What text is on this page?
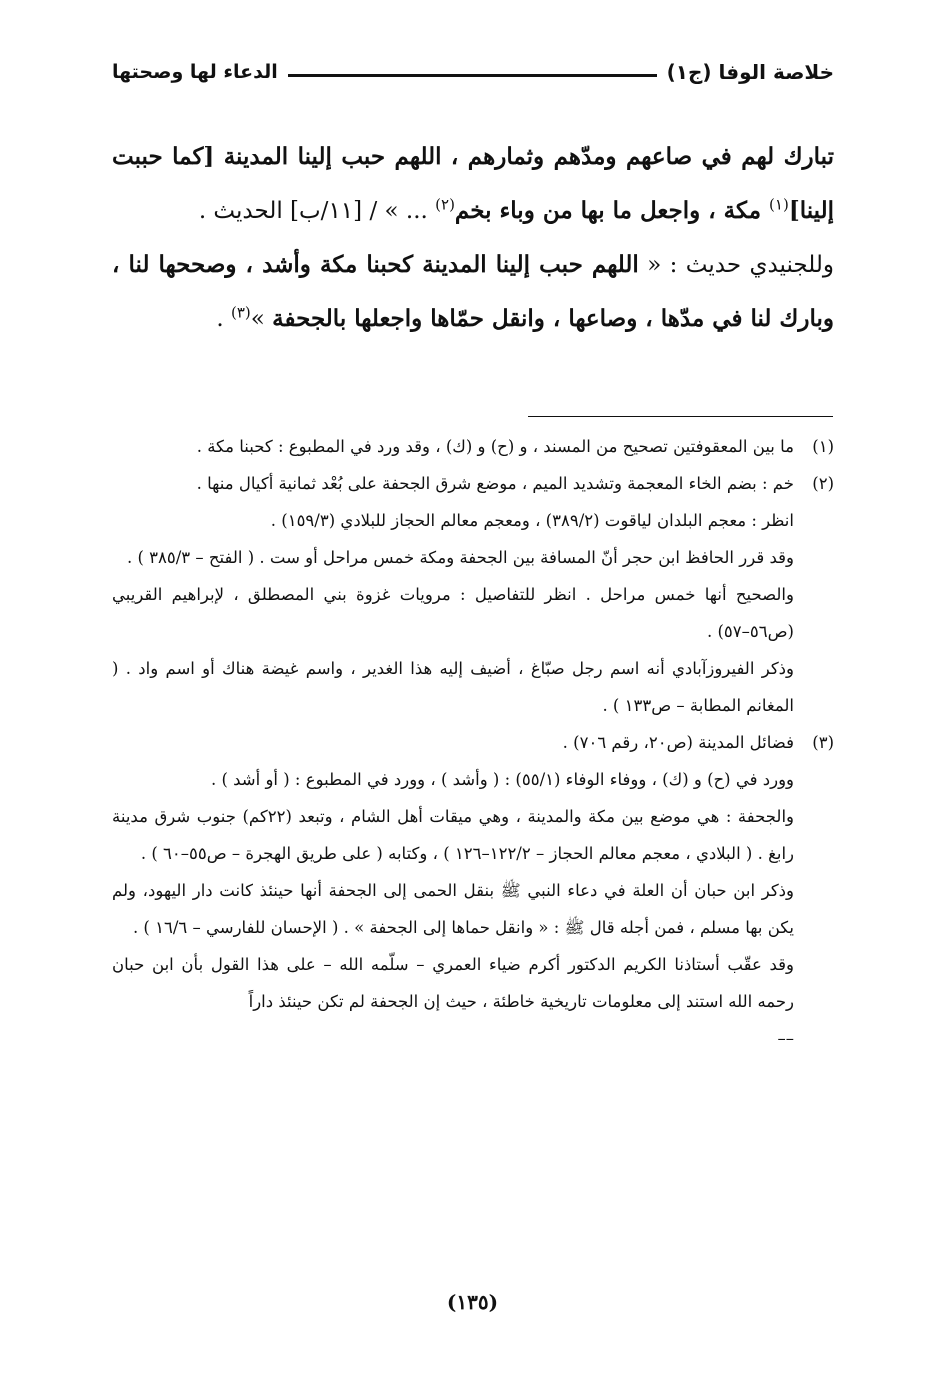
خلاصة الوفا (ج١)
الدعاء لها وصحتها

تبارك لهم في صاعهم ومدّهم وثمارهم ، اللهم حبب إلينا المدينة [كما حببت إلينا]$^{(١)}$ مكة ، واجعل ما بها من وباء بخم$^{(٢)}$ ... » / [١١/ب] الحديث .

وللجنيدي حديث : « اللهم حبب إلينا المدينة كحبنا مكة وأشد ، وصححها لنا ، وبارك لنا في مدّها ، وصاعها ، وانقل حمّاها واجعلها بالجحفة »$^{(٣)}$ .

(١)

ما بين المعقوفتين تصحيح من المسند ، و (ح) و (ك) ، وقد ورد في المطبوع : كحبنا مكة .

(٢)

خم : بضم الخاء المعجمة وتشديد الميم ، موضع شرق الجحفة على بُعْد ثمانية أكيال منها .

انظر : معجم البلدان لياقوت (٣٨٩/٢) ، ومعجم معالم الحجاز للبلادي (١٥٩/٣) .

وقد قرر الحافظ ابن حجر أنّ المسافة بين الجحفة ومكة خمس مراحل أو ست . ( الفتح – ٣٨٥/٣ ) .

والصحيح أنها خمس مراحل . انظر للتفاصيل : مرويات غزوة بني المصطلق ، لإبراهيم القريبي (ص٥٦–٥٧) .

وذكر الفيروزآبادي أنه اسم رجل صبّاغ ، أضيف إليه هذا الغدير ، واسم غيضة هناك أو اسم واد . ( المغانم المطابة – ص١٣٣ ) .

(٣)

فضائل المدينة (ص٢٠، رقم ٧٠٦) .

وورد في (ح) و (ك) ، ووفاء الوفاء (٥٥/١) : ( وأشد ) ، وورد في المطبوع : ( أو أشد ) .

والجحفة : هي موضع بين مكة والمدينة ، وهي ميقات أهل الشام ، وتبعد (٢٢كم) جنوب شرق مدينة رابغ . ( البلادي ، معجم معالم الحجاز – ١٢٢/٢–١٢٦ ) ، وكتابه ( على طريق الهجرة – ص٥٥–٦٠ ) .

وذكر ابن حبان أن العلة في دعاء النبي ﷺ بنقل الحمى إلى الجحفة أنها حينئذ كانت دار اليهود، ولم يكن بها مسلم ، فمن أجله قال ﷺ : « وانقل حماها إلى الجحفة » . ( الإحسان للفارسي – ١٦/٦ ) .

وقد عقّب أستاذنا الكريم الدكتور أكرم ضياء العمري – سلّمه الله – على هذا القول بأن ابن حبان رحمه الله استند إلى معلومات تاريخية خاطئة ، حيث إن الجحفة لم تكن حينئذ داراً

––

(١٣٥)
